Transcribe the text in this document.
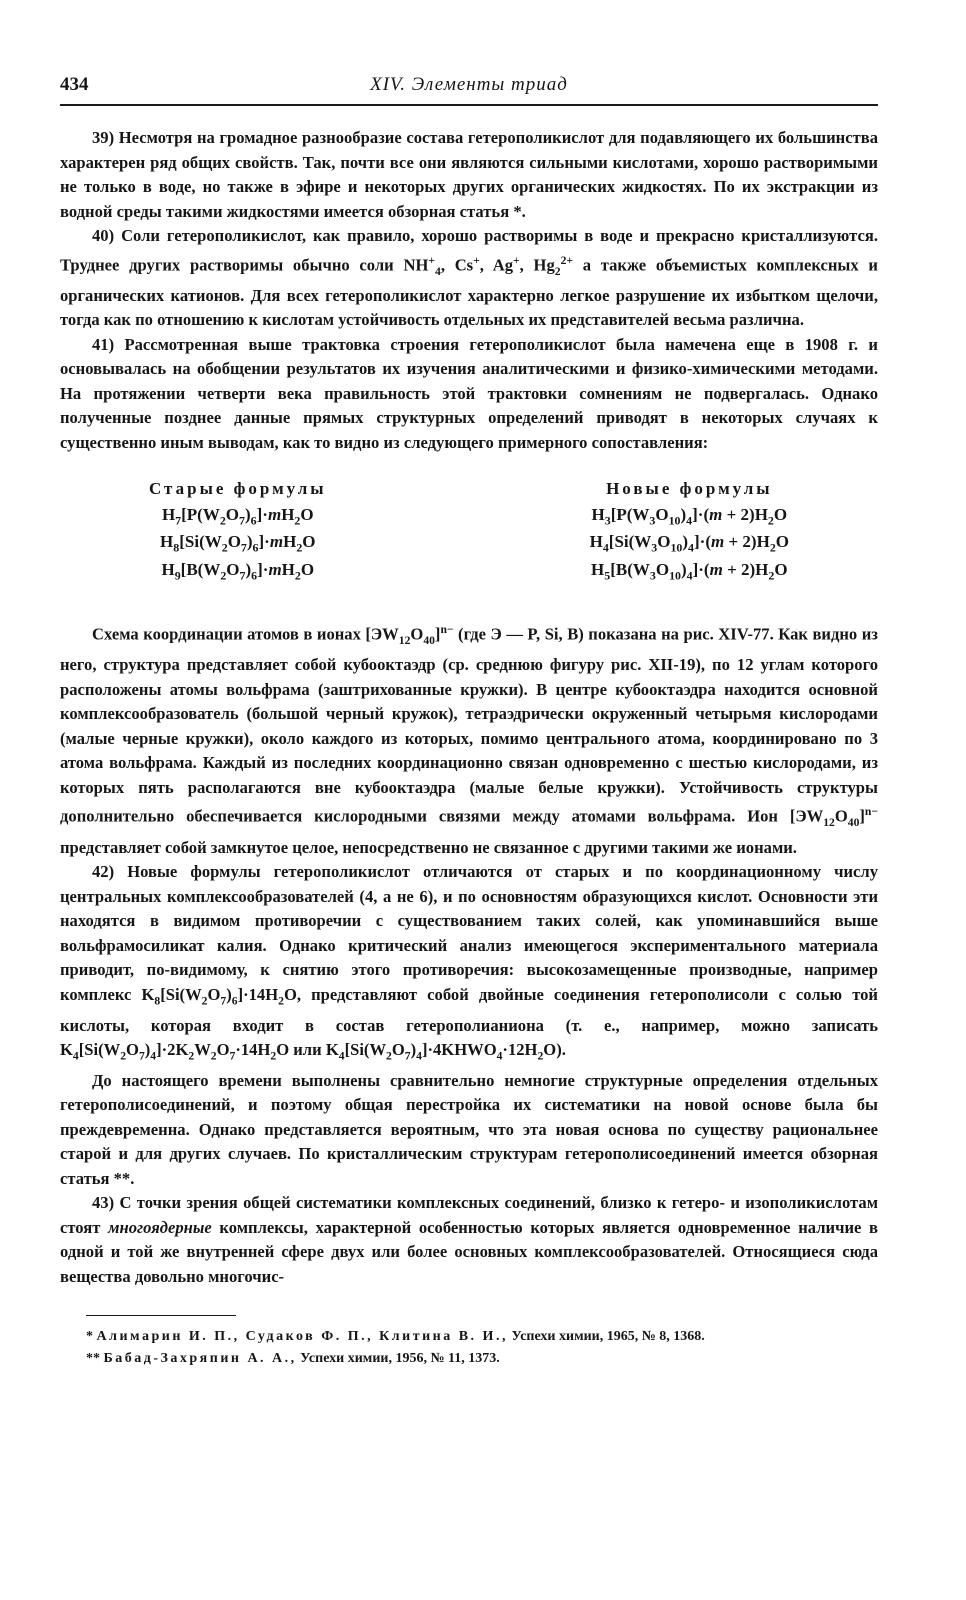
434	XIV. Элементы триад

39) Несмотря на громадное разнообразие состава гетерополикислот для подавляющего их большинства характерен ряд общих свойств. Так, почти все они являются сильными кислотами, хорошо растворимыми не только в воде, но также в эфире и некоторых других органических жидкостях. По их экстракции из водной среды такими жидкостями имеется обзорная статья *.

40) Соли гетерополикислот, как правило, хорошо растворимы в воде и прекрасно кристаллизуются. Труднее других растворимы обычно соли $NH^+_4$, Cs+, Ag+, $Hg_2^{2+}$ а также объемистых комплексных и органических катионов. Для всех гетерополикислот характерно легкое разрушение их избытком щелочи, тогда как по отношению к кислотам устойчивость отдельных их представителей весьма различна.

41) Рассмотренная выше трактовка строения гетерополикислот была намечена еще в 1908 г. и основывалась на обобщении результатов их изучения аналитическими и физико-химическими методами. На протяжении четверти века правильность этой трактовки сомнениям не подвергалась. Однако полученные позднее данные прямых структурных определений приводят в некоторых случаях к существенно иным выводам, как то видно из следующего примерного сопоставления:

Старые формулы
$H_7[P(W_2O_7)_6]\cdot mH_2O$
$H_8[Si(W_2O_7)_6]\cdot mH_2O$
$H_9[B(W_2O_7)_6]\cdot mH_2O$
Новые формулы
$H_3[P(W_3O_{10})_4]\cdot(m + 2)H_2O$
$H_4[Si(W_3O_{10})_4]\cdot(m + 2)H_2O$
$H_5[B(W_3O_{10})_4]\cdot(m + 2)H_2O$

Схема координации атомов в ионах $[ЭW_{12}O_{40}]^{n-}$ (где Э — P, Si, B) показана на рис. XIV-77. Как видно из него, структура представляет собой кубооктаэдр (ср. среднюю фигуру рис. XII-19), по 12 углам которого расположены атомы вольфрама (заштрихованные кружки). В центре кубооктаэдра находится основной комплексообразователь (большой черный кружок), тетраэдрически окруженный четырьмя кислородами (малые черные кружки), около каждого из которых, помимо центрального атома, координировано по 3 атома вольфрама. Каждый из последних координационно связан одновременно с шестью кислородами, из которых пять располагаются вне кубооктаэдра (малые белые кружки). Устойчивость структуры дополнительно обеспечивается кислородными связями между атомами вольфрама. Ион $[ЭW_{12}O_{40}]^{n-}$ представляет собой замкнутое целое, непосредственно не связанное с другими такими же ионами.

42) Новые формулы гетерополикислот отличаются от старых и по координационному числу центральных комплексообразователей (4, а не 6), и по основностям образующихся кислот. Основности эти находятся в видимом противоречии с существованием таких солей, как упоминавшийся выше вольфрамосиликат калия. Однако критический анализ имеющегося экспериментального материала приводит, по-видимому, к снятию этого противоречия: высокозамещенные производные, например комплекс $K_8[Si(W_2O_7)_6]\cdot 14H_2O$, представляют собой двойные соединения гетерополисоли с солью той кислоты, которая входит в состав гетерополианиона (т. е., например, можно записать $K_4[Si(W_2O_7)_4]\cdot 2K_2W_2O_7\cdot 14H_2O$ или $K_4[Si(W_2O_7)_4]\cdot 4KHWO_4\cdot 12H_2O$).

До настоящего времени выполнены сравнительно немногие структурные определения отдельных гетерополисоединений, и поэтому общая перестройка их систематики на новой основе была бы преждевременна. Однако представляется вероятным, что эта новая основа по существу рациональнее старой и для других случаев. По кристаллическим структурам гетерополисоединений имеется обзорная статья **.

43) С точки зрения общей систематики комплексных соединений, близко к гетеро- и изополикислотам стоят многоядерные комплексы, характерной особенностью которых является одновременное наличие в одной и той же внутренней сфере двух или более основных комплексообразователей. Относящиеся сюда вещества довольно многочис-

* Алимарин И. П., Судаков Ф. П., Клитина В. И., Успехи химии, 1965, № 8, 1368.

** Бабад-Захряпин А. А., Успехи химии, 1956, № 11, 1373.
